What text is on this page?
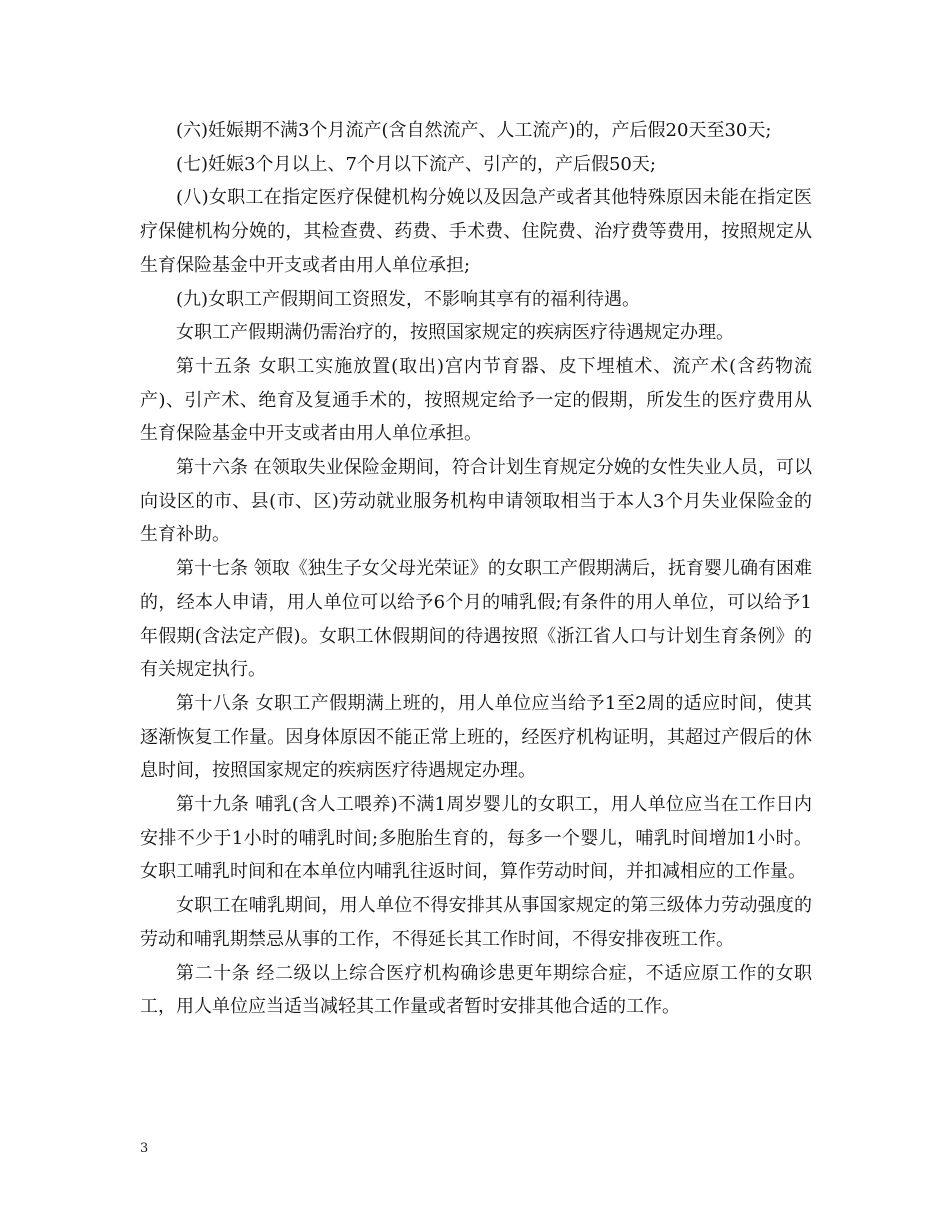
(六)妊娠期不满3个月流产(含自然流产、人工流产)的，产后假20天至30天;

(七)妊娠3个月以上、7个月以下流产、引产的，产后假50天;

(八)女职工在指定医疗保健机构分娩以及因急产或者其他特殊原因未能在指定医疗保健机构分娩的，其检查费、药费、手术费、住院费、治疗费等费用，按照规定从生育保险基金中开支或者由用人单位承担;

(九)女职工产假期间工资照发，不影响其享有的福利待遇。

女职工产假期满仍需治疗的，按照国家规定的疾病医疗待遇规定办理。

第十五条 女职工实施放置(取出)宫内节育器、皮下埋植术、流产术(含药物流产)、引产术、绝育及复通手术的，按照规定给予一定的假期，所发生的医疗费用从生育保险基金中开支或者由用人单位承担。

第十六条 在领取失业保险金期间，符合计划生育规定分娩的女性失业人员，可以向设区的市、县(市、区)劳动就业服务机构申请领取相当于本人3个月失业保险金的生育补助。

第十七条 领取《独生子女父母光荣证》的女职工产假期满后，抚育婴儿确有困难的，经本人申请，用人单位可以给予6个月的哺乳假;有条件的用人单位，可以给予1年假期(含法定产假)。女职工休假期间的待遇按照《浙江省人口与计划生育条例》的有关规定执行。

第十八条 女职工产假期满上班的，用人单位应当给予1至2周的适应时间，使其逐渐恢复工作量。因身体原因不能正常上班的，经医疗机构证明，其超过产假后的休息时间，按照国家规定的疾病医疗待遇规定办理。

第十九条 哺乳(含人工喂养)不满1周岁婴儿的女职工，用人单位应当在工作日内安排不少于1小时的哺乳时间;多胞胎生育的，每多一个婴儿，哺乳时间增加1小时。女职工哺乳时间和在本单位内哺乳往返时间，算作劳动时间，并扣减相应的工作量。

女职工在哺乳期间，用人单位不得安排其从事国家规定的第三级体力劳动强度的劳动和哺乳期禁忌从事的工作，不得延长其工作时间，不得安排夜班工作。

第二十条 经二级以上综合医疗机构确诊患更年期综合症，不适应原工作的女职工，用人单位应当适当减轻其工作量或者暂时安排其他合适的工作。

3
